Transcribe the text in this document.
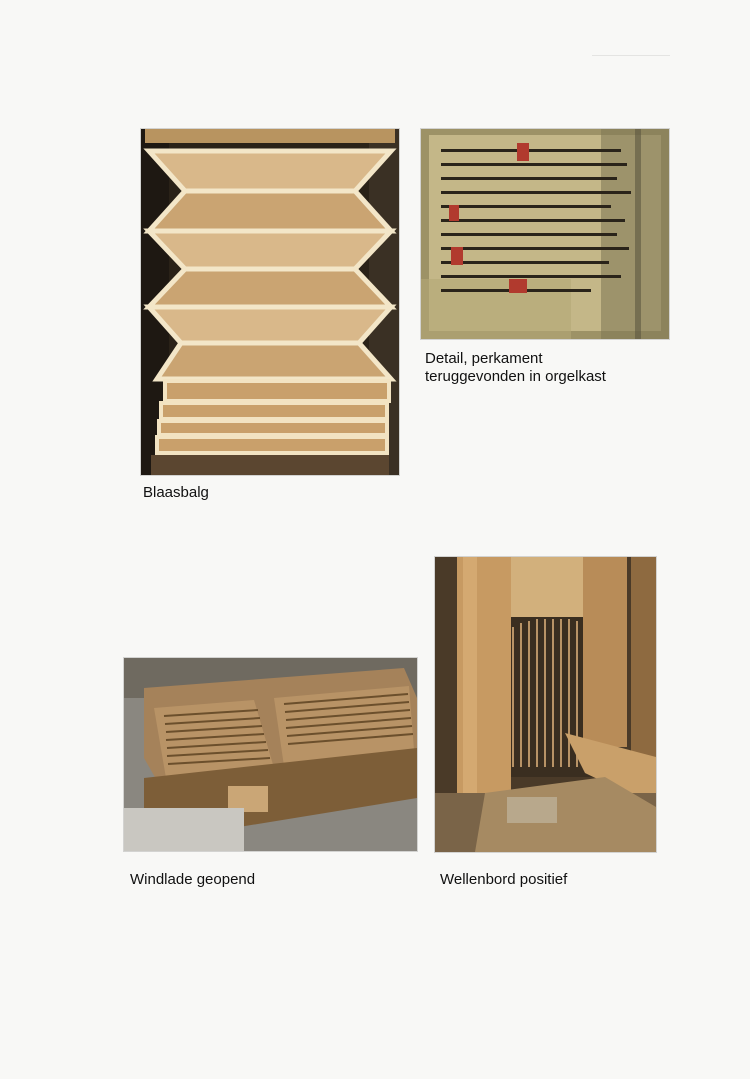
Blaasbalg
Detail, perkament
teruggevonden in orgelkast
Windlade geopend	Wellenbord positief
